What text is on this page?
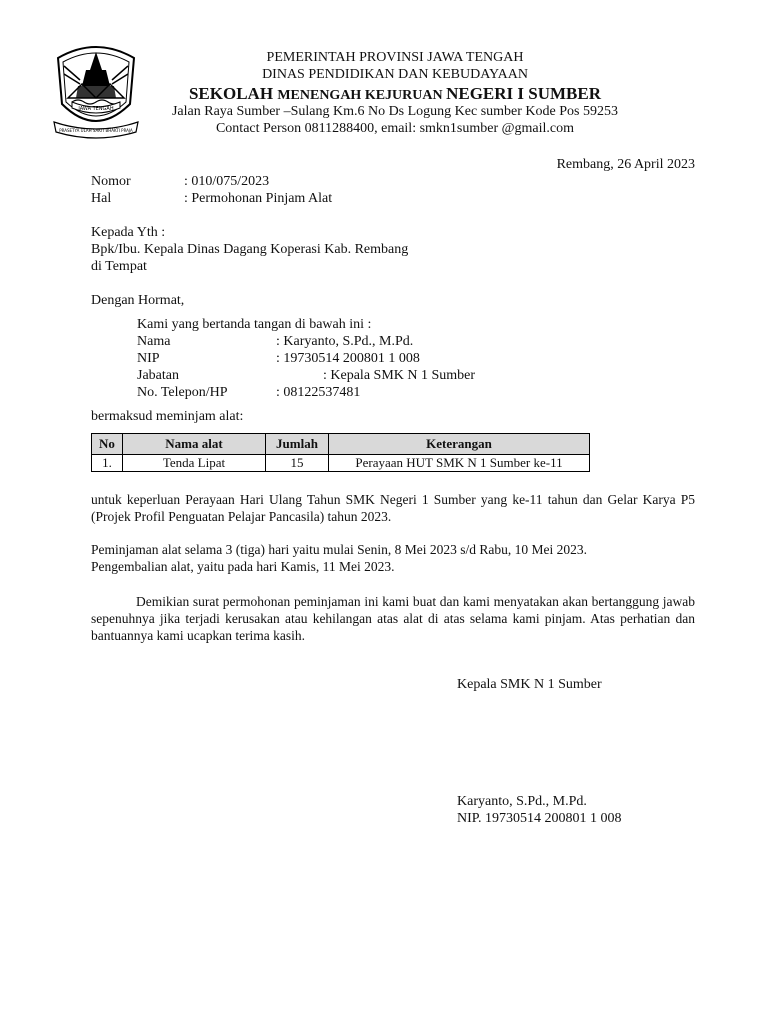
JAWA TENGAH
PRASETYA ULAH SAKTI BHAKTI PRAJA
PEMERINTAH PROVINSI JAWA TENGAH
DINAS PENDIDIKAN DAN KEBUDAYAAN
SEKOLAH MENENGAH KEJURUAN NEGERI I SUMBER
Jalan Raya Sumber –Sulang Km.6 No Ds Logung Kec sumber Kode Pos 59253
Contact Person 0811288400, email: smkn1sumber @gmail.com
Rembang, 26 April 2023
Nomor	: 010/075/2023
Hal	: Permohonan Pinjam Alat
Kepada Yth :
Bpk/Ibu. Kepala Dinas Dagang Koperasi Kab. Rembang
di Tempat
Dengan Hormat,
Kami yang bertanda tangan di bawah ini :
Nama	: Karyanto, S.Pd., M.Pd.
NIP	: 19730514 200801 1 008
Jabatan	: Kepala SMK N 1 Sumber
No. Telepon/HP	: 08122537481
bermaksud meminjam alat:
No	Nama alat	Jumlah	Keterangan
1.	Tenda Lipat	15	Perayaan HUT SMK N 1 Sumber ke-11
untuk keperluan Perayaan Hari Ulang Tahun SMK Negeri 1 Sumber yang ke-11 tahun dan Gelar Karya P5 (Projek Profil Penguatan Pelajar Pancasila) tahun 2023.
Peminjaman alat selama 3 (tiga) hari yaitu mulai Senin, 8 Mei 2023 s/d Rabu, 10 Mei 2023.
Pengembalian alat, yaitu pada hari Kamis, 11 Mei 2023.
Demikian surat permohonan peminjaman ini kami buat dan kami menyatakan akan bertanggung jawab sepenuhnya jika terjadi kerusakan atau kehilangan atas alat di atas selama kami pinjam. Atas perhatian dan bantuannya kami ucapkan terima kasih.
Kepala SMK N 1 Sumber
Karyanto, S.Pd., M.Pd.
NIP. 19730514 200801 1 008
